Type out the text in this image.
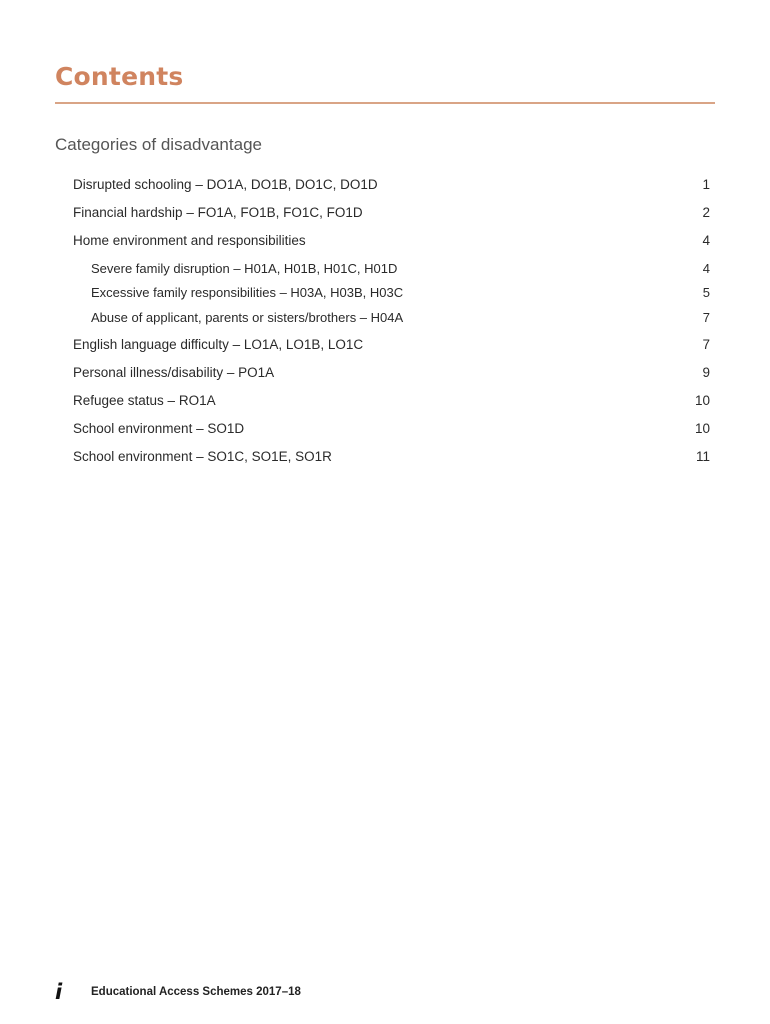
Contents
Categories of disadvantage
Disrupted schooling – DO1A, DO1B, DO1C, DO1D	1
Financial hardship – FO1A, FO1B, FO1C, FO1D	2
Home environment and responsibilities	4
Severe family disruption – H01A, H01B, H01C, H01D	4
Excessive family responsibilities – H03A, H03B, H03C	5
Abuse of applicant, parents or sisters/brothers – H04A	7
English language difficulty – LO1A, LO1B, LO1C	7
Personal illness/disability – PO1A	9
Refugee status – RO1A	10
School environment – SO1D	10
School environment – SO1C, SO1E, SO1R	11
i	Educational Access Schemes 2017–18
